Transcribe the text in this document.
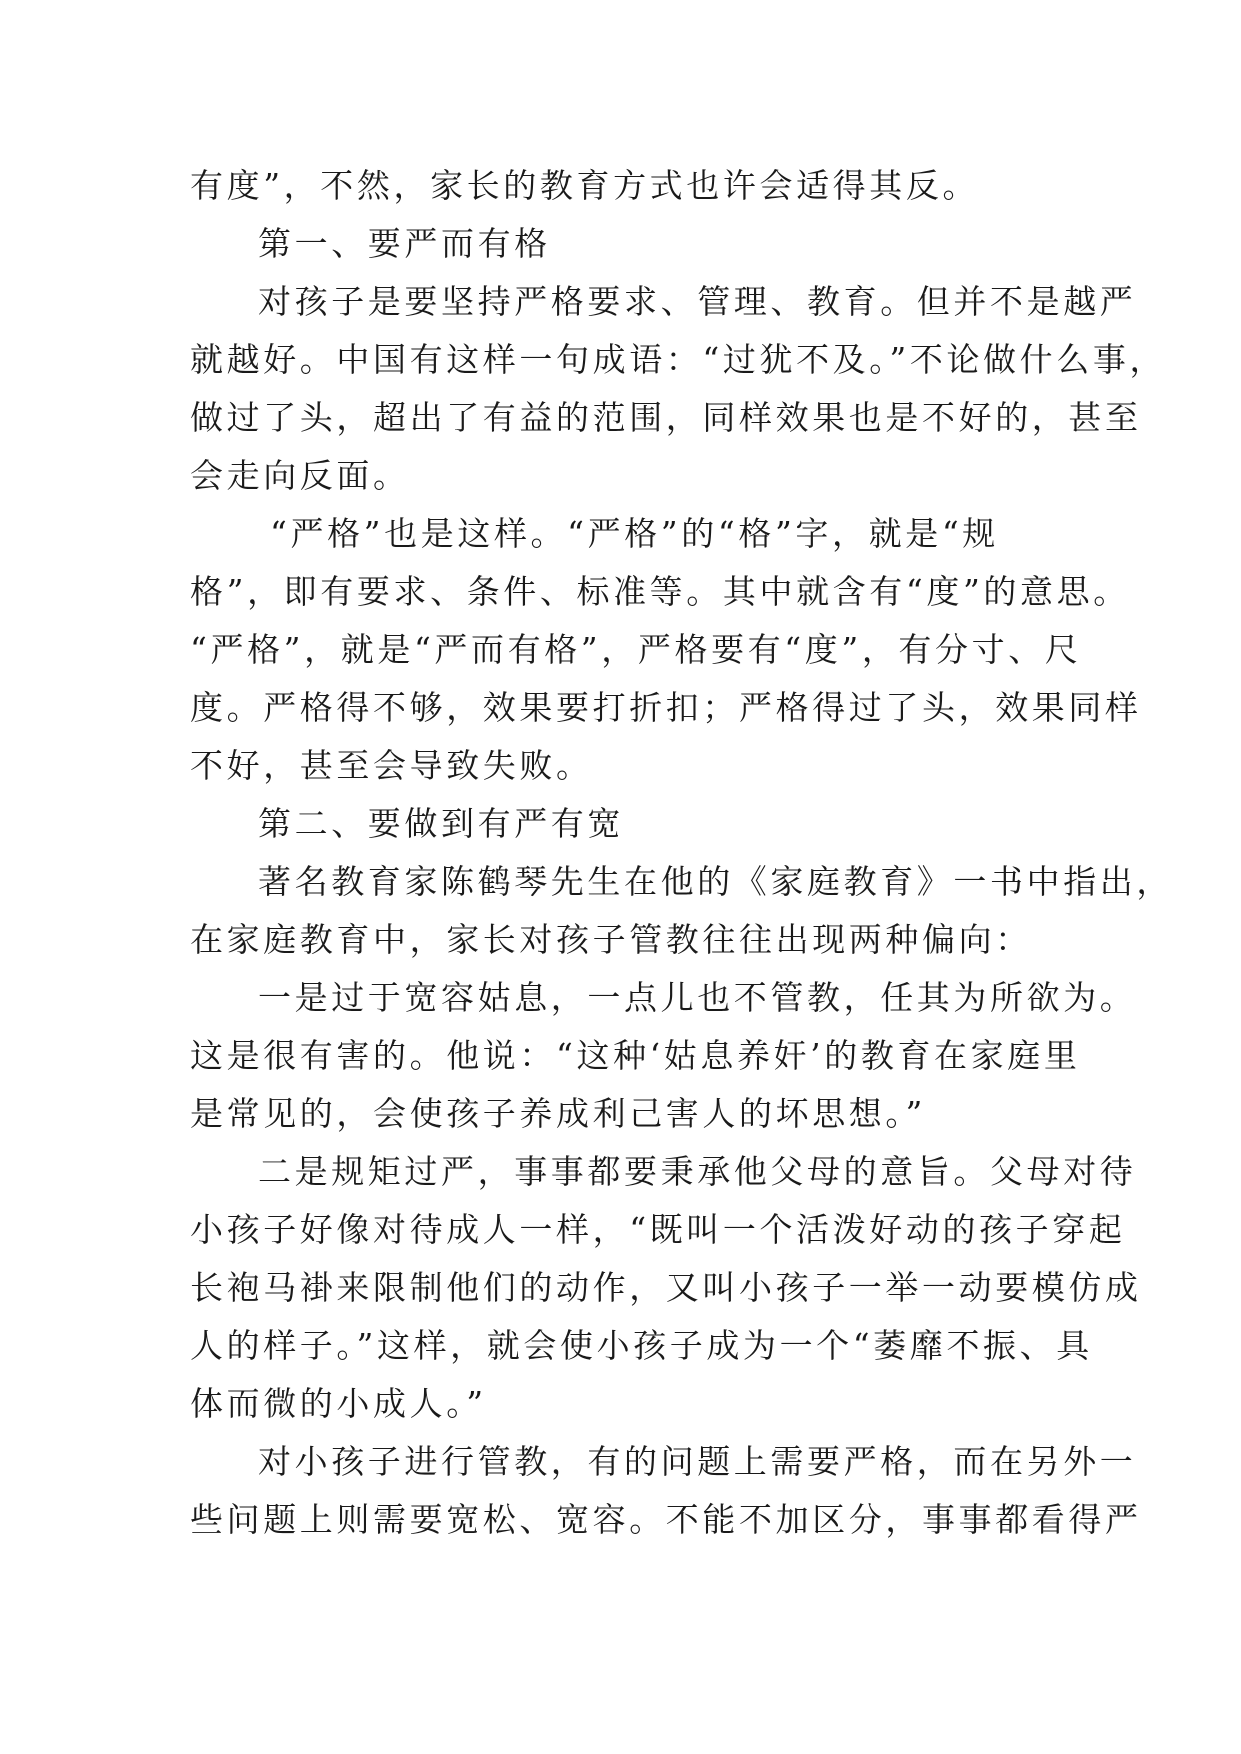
有度”，不然，家长的教育方式也许会适得其反。
第一、要严而有格
对孩子是要坚持严格要求、管理、教育。但并不是越严
就越好。中国有这样一句成语：“过犹不及。”不论做什么事，
做过了头，超出了有益的范围，同样效果也是不好的，甚至
会走向反面。
“严格”也是这样。“严格”的“格”字，就是“规
格”，即有要求、条件、标准等。其中就含有“度”的意思。
“严格”，就是“严而有格”，严格要有“度”，有分寸、尺
度。严格得不够，效果要打折扣；严格得过了头，效果同样
不好，甚至会导致失败。
第二、要做到有严有宽
著名教育家陈鹤琴先生在他的《家庭教育》一书中指出，
在家庭教育中，家长对孩子管教往往出现两种偏向：
一是过于宽容姑息，一点儿也不管教，任其为所欲为。
这是很有害的。他说：“这种‘姑息养奸’的教育在家庭里
是常见的，会使孩子养成利己害人的坏思想。”
二是规矩过严，事事都要秉承他父母的意旨。父母对待
小孩子好像对待成人一样，“既叫一个活泼好动的孩子穿起
长袍马褂来限制他们的动作，又叫小孩子一举一动要模仿成
人的样子。”这样，就会使小孩子成为一个“萎靡不振、具
体而微的小成人。”
对小孩子进行管教，有的问题上需要严格，而在另外一
些问题上则需要宽松、宽容。不能不加区分，事事都看得严
